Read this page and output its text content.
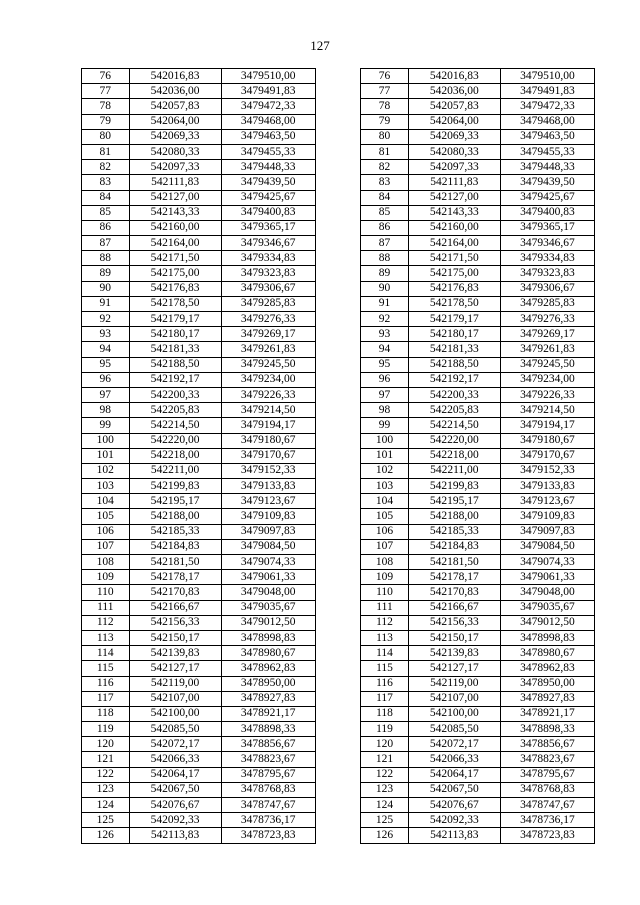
127
76	542016,83	3479510,00		76	542016,83	3479510,00
77	542036,00	3479491,83		77	542036,00	3479491,83
78	542057,83	3479472,33		78	542057,83	3479472,33
79	542064,00	3479468,00		79	542064,00	3479468,00
80	542069,33	3479463,50		80	542069,33	3479463,50
81	542080,33	3479455,33		81	542080,33	3479455,33
82	542097,33	3479448,33		82	542097,33	3479448,33
83	542111,83	3479439,50		83	542111,83	3479439,50
84	542127,00	3479425,67		84	542127,00	3479425,67
85	542143,33	3479400,83		85	542143,33	3479400,83
86	542160,00	3479365,17		86	542160,00	3479365,17
87	542164,00	3479346,67		87	542164,00	3479346,67
88	542171,50	3479334,83		88	542171,50	3479334,83
89	542175,00	3479323,83		89	542175,00	3479323,83
90	542176,83	3479306,67		90	542176,83	3479306,67
91	542178,50	3479285,83		91	542178,50	3479285,83
92	542179,17	3479276,33		92	542179,17	3479276,33
93	542180,17	3479269,17		93	542180,17	3479269,17
94	542181,33	3479261,83		94	542181,33	3479261,83
95	542188,50	3479245,50		95	542188,50	3479245,50
96	542192,17	3479234,00		96	542192,17	3479234,00
97	542200,33	3479226,33		97	542200,33	3479226,33
98	542205,83	3479214,50		98	542205,83	3479214,50
99	542214,50	3479194,17		99	542214,50	3479194,17
100	542220,00	3479180,67		100	542220,00	3479180,67
101	542218,00	3479170,67		101	542218,00	3479170,67
102	542211,00	3479152,33		102	542211,00	3479152,33
103	542199,83	3479133,83		103	542199,83	3479133,83
104	542195,17	3479123,67		104	542195,17	3479123,67
105	542188,00	3479109,83		105	542188,00	3479109,83
106	542185,33	3479097,83		106	542185,33	3479097,83
107	542184,83	3479084,50		107	542184,83	3479084,50
108	542181,50	3479074,33		108	542181,50	3479074,33
109	542178,17	3479061,33		109	542178,17	3479061,33
110	542170,83	3479048,00		110	542170,83	3479048,00
111	542166,67	3479035,67		111	542166,67	3479035,67
112	542156,33	3479012,50		112	542156,33	3479012,50
113	542150,17	3478998,83		113	542150,17	3478998,83
114	542139,83	3478980,67		114	542139,83	3478980,67
115	542127,17	3478962,83		115	542127,17	3478962,83
116	542119,00	3478950,00		116	542119,00	3478950,00
117	542107,00	3478927,83		117	542107,00	3478927,83
118	542100,00	3478921,17		118	542100,00	3478921,17
119	542085,50	3478898,33		119	542085,50	3478898,33
120	542072,17	3478856,67		120	542072,17	3478856,67
121	542066,33	3478823,67		121	542066,33	3478823,67
122	542064,17	3478795,67		122	542064,17	3478795,67
123	542067,50	3478768,83		123	542067,50	3478768,83
124	542076,67	3478747,67		124	542076,67	3478747,67
125	542092,33	3478736,17		125	542092,33	3478736,17
126	542113,83	3478723,83		126	542113,83	3478723,83
